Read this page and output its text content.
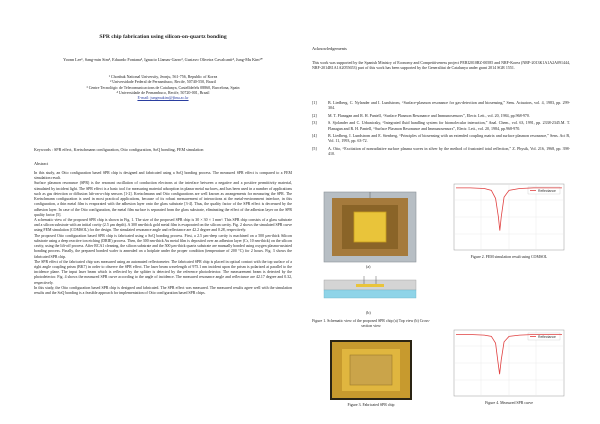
SPR chip fabrication using silicon-on-quartz bonding
Yoonn Lee¹, Sang-min Sim², Eduardo Fontana², Ignacio Llamas-Garro³, Gustavo Oliveira Cavalcanti⁴, Jung-Mu Kim¹*
¹ Chonbuk National University, Jeonju, 561-756, Republic of Korea
² Universidade Federal de Pernambuco, Recife, 50740-550, Brazil
³ Centre Tecnològic de Telecomunicacions de Catalunya, Castelldefels 08860, Barcelona, Spain
⁴ Universidade de Pernambuco, Recife, 50720-001, Brazil
E-mail: jungmukim@jbnu.ac.kr
Keywords : SPR effect, Kretschmann configuration, Otto configuration, SoQ bonding, FEM simulation
Abstract

In this study, an Otto configuration based SPR chip is designed and fabricated using a SoQ bonding process. The measured SPR effect is compared to a FEM simulation result.

Surface plasmon resonance (SPR) is the resonant oscillation of conduction electrons at the interface between a negative and a positive permittivity material, stimulated by incident light. The SPR effect is a basic tool for measuring material adsorption in planar metal surfaces, and has been used in a number of applications such as gas detection or diffusion lab-on-a-chip sensors [1-2]. Kretschmann and Otto configurations are well known as arrangements for measuring the SPR. The Kretschmann configuration is used in most practical applications, because of its robust measurement of interactions at the metal-environment interface, in this configuration, a thin metal film is evaporated with the adhesion layer onto the glass substrate [3-4]. Thus, the quality factor of the SPR effect is decreased by the adhesion layer. In case of the Otto configuration, the metal film surface is separated from the glass substrate, eliminating the effect of the adhesion layer on the SPR quality factor [5].

A schematic view of the proposed SPR chip is shown in Fig. 1. The size of the proposed SPR chip is 30 × 30 × 1 mm³. This SPR chip consists of a glass substrate and a silicon substrate with an initial cavity (2.5 μm depth). A 300 nm-thick gold metal film is evaporated on the silicon cavity. Fig. 2 shows the simulated SPR curve using FEM simulation (COMSOL) for the design. The simulated resonance angle and reflectance are 42.2 degree and 0.28, respectively.

The proposed Otto configuration based SPR chip is fabricated using a SoQ bonding process. First, a 2.5 μm-deep cavity is machined on a 500 μm-thick Silicon substrate using a deep reactive ion etching (DRIE) process. Then, the 300 nm-thick Au metal film is deposited over an adhesion layer (Cr, 10 nm-thick) on the silicon cavity, using the lift-off process. After RCA1 cleaning, the silicon substrate and the 500 μm-thick quartz substrate are manually bonded using oxygen plasma-assisted bonding process. Finally, the prepared bonded wafer is annealed on a hotplate under the proper condition (temperature of 200 °C) for 2 hours. Fig. 3 shows the fabricated SPR chip.

The SPR effect of the fabricated chip was measured using an automated reflectometer. The fabricated SPR chip is placed in optical contact with the top surface of a right angle coupling prism (BK7) in order to observe the SPR effect. The laser beam wavelength of 975.1 nm incident upon the prism is polarized at parallel to the incidence plane. The input laser beam which is reflected by the splitter is detected by the reference photodetector. The measurement beam is detected by the photodetector. Fig. 4 shows the measured SPR curve according to the angle of incidence. The measured resonance angle and reflectance are 42.17 degree and 0.32, respectively.

In this study, the Otto configuration based SPR chip is designed and fabricated. The SPR effect was measured. The measured results agree well with the simulation results and the SoQ bonding is a feasible approach for implementation of Otto configuration based SPR chips.

Acknowledgements
This work was supported by the Spanish Ministry of Economy and Competitiveness project PERI2010RZ-00585 and NRF-Korea (NRF-2013K1A1A2A091444, NRF-2014R1A1A2055653) part of this work has been supported by the Generalitat de Catalunya under grant 2014 SGR 1551.
[1]	B. Liedberg, C. Nylander and I. Lundstrom, “Surface-plasmon resonance for gas-detection and biosensing,” Sens. Actuators, vol. 4, 1983, pp. 299-304.
[2]	M. T. Flanagan and R. H. Pantell, “Surface Plasmon Resonance and Immunosensors”, Electr. Lett., vol. 20, 1984, pp.968-970.
[3]	S. Sjolander and C. Urbaniczky, “Integrated fluid handling system for biomolecular interaction,” Anal. Chem., vol. 63, 1991, pp. 2338-2345.M. T. Flanagan and R. H. Pantell, “Surface Plasmon Resonance and Immunosensors”, Electr. Lett., vol. 20, 1984, pp.968-970.
[4]	B. Liedberg, I. Lundstrom and E. Stenberg, “Principles of biosensing with an extended coupling matrix and surface plasmon resonance,” Sens. Act B, Vol. 11, 1993, pp. 63-72.
[5]	A. Otto, “Excitation of nonradiative surface plasma waves in silver by the method of frustrated total reflection,” Z. Physik, Vol. 216, 1968, pp. 398-410.
(a)
(b)
Figure 1. Schematic view of the proposed SPR chip (a) Top view (b) Cross-section view
Reflectance
Figure 2. FEM simulation result using COMSOL
Figure 3. Fabricated SPR chip
Reflectance
Figure 4. Measured SPR curve
